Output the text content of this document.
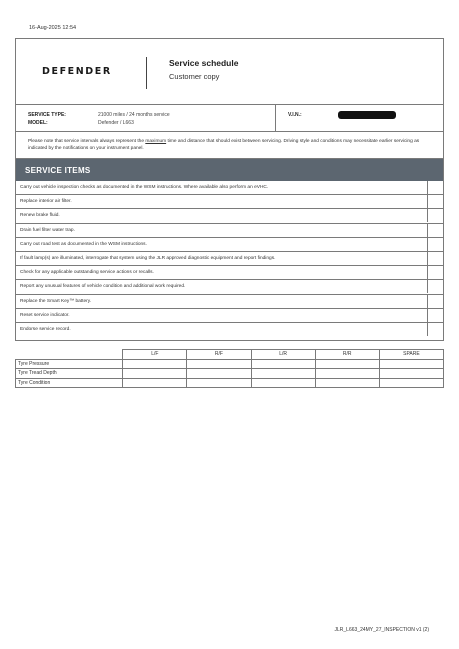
16-Aug-2025 12:54
DEFENDER
Service schedule
Customer copy
SERVICE TYPE:	21000 miles / 24 months service
MODEL:	Defender / L663
V.I.N.:

Please note that service intervals always represent the maximum time and distance that should exist between servicing. Driving style and conditions may necessitate earlier servicing as indicated by the notifications on your instrument panel.

SERVICE ITEMS
Carry out vehicle inspection checks as documented in the WSM instructions. Where available also perform an eVHC.
Replace interior air filter.
Renew brake fluid.
Drain fuel filter water trap.
Carry out road test as documented in the WSM instructions.
If fault lamp(s) are illuminated, interrogate that system using the JLR approved diagnostic equipment and report findings.
Check for any applicable outstanding service actions or recalls.
Report any unusual features of vehicle condition and additional work required.
Replace the Smart Key™ battery.
Reset service indicator.
Endorse service record.
	L/F	R/F	L/R	R/R	SPARE
Tyre Pressure					
Tyre Tread Depth					
Tyre Condition					
JLR_L663_24MY_27_INSPECTION v1 (2)
